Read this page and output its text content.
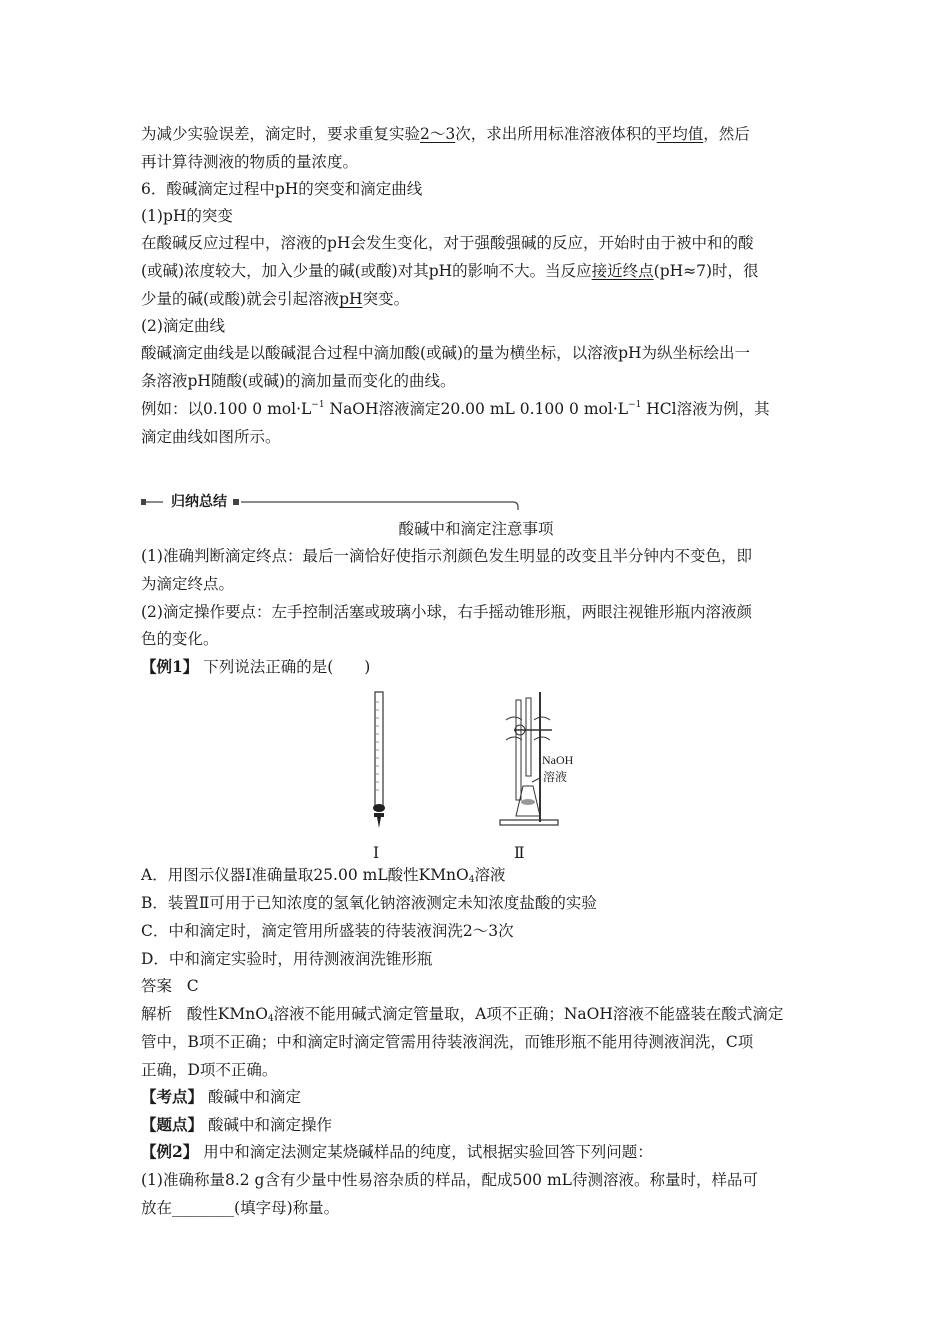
为减少实验误差，滴定时，要求重复实验2～3次，求出所用标准溶液体积的平均值，然后
再计算待测液的物质的量浓度。
6．酸碱滴定过程中pH的突变和滴定曲线
(1)pH的突变
在酸碱反应过程中，溶液的pH会发生变化，对于强酸强碱的反应，开始时由于被中和的酸
(或碱)浓度较大，加入少量的碱(或酸)对其pH的影响不大。当反应接近终点(pH≈7)时，很
少量的碱(或酸)就会引起溶液pH突变。
(2)滴定曲线
酸碱滴定曲线是以酸碱混合过程中滴加酸(或碱)的量为横坐标，以溶液pH为纵坐标绘出一
条溶液pH随酸(或碱)的滴加量而变化的曲线。
例如：以0.100 0 $mol\cdot L^{-1}$ NaOH溶液滴定20.00 mL 0.100 0 $mol\cdot L^{-1}$ HCl溶液为例，其
滴定曲线如图所示。
归纳总结
酸碱中和滴定注意事项
(1)准确判断滴定终点：最后一滴恰好使指示剂颜色发生明显的改变且半分钟内不变色，即
为滴定终点。
(2)滴定操作要点：左手控制活塞或玻璃小球，右手摇动锥形瓶，两眼注视锥形瓶内溶液颜
色的变化。
【例1】 下列说法正确的是(　　)
Ⅰ
NaOH
溶液
Ⅱ
A．用图示仪器Ⅰ准确量取25.00 mL酸性KMnO$_4$溶液
B．装置Ⅱ可用于已知浓度的氢氧化钠溶液测定未知浓度盐酸的实验
C．中和滴定时，滴定管用所盛装的待装液润洗2～3次
D．中和滴定实验时，用待测液润洗锥形瓶
答案 C
解析 酸性KMnO$_4$溶液不能用碱式滴定管量取，A项不正确；NaOH溶液不能盛装在酸式滴定
管中，B项不正确；中和滴定时滴定管需用待装液润洗，而锥形瓶不能用待测液润洗，C项
正确，D项不正确。
【考点】 酸碱中和滴定
【题点】 酸碱中和滴定操作
【例2】 用中和滴定法测定某烧碱样品的纯度，试根据实验回答下列问题：
(1)准确称量8.2 g含有少量中性易溶杂质的样品，配成500 mL待测溶液。称量时，样品可
放在________(填字母)称量。
